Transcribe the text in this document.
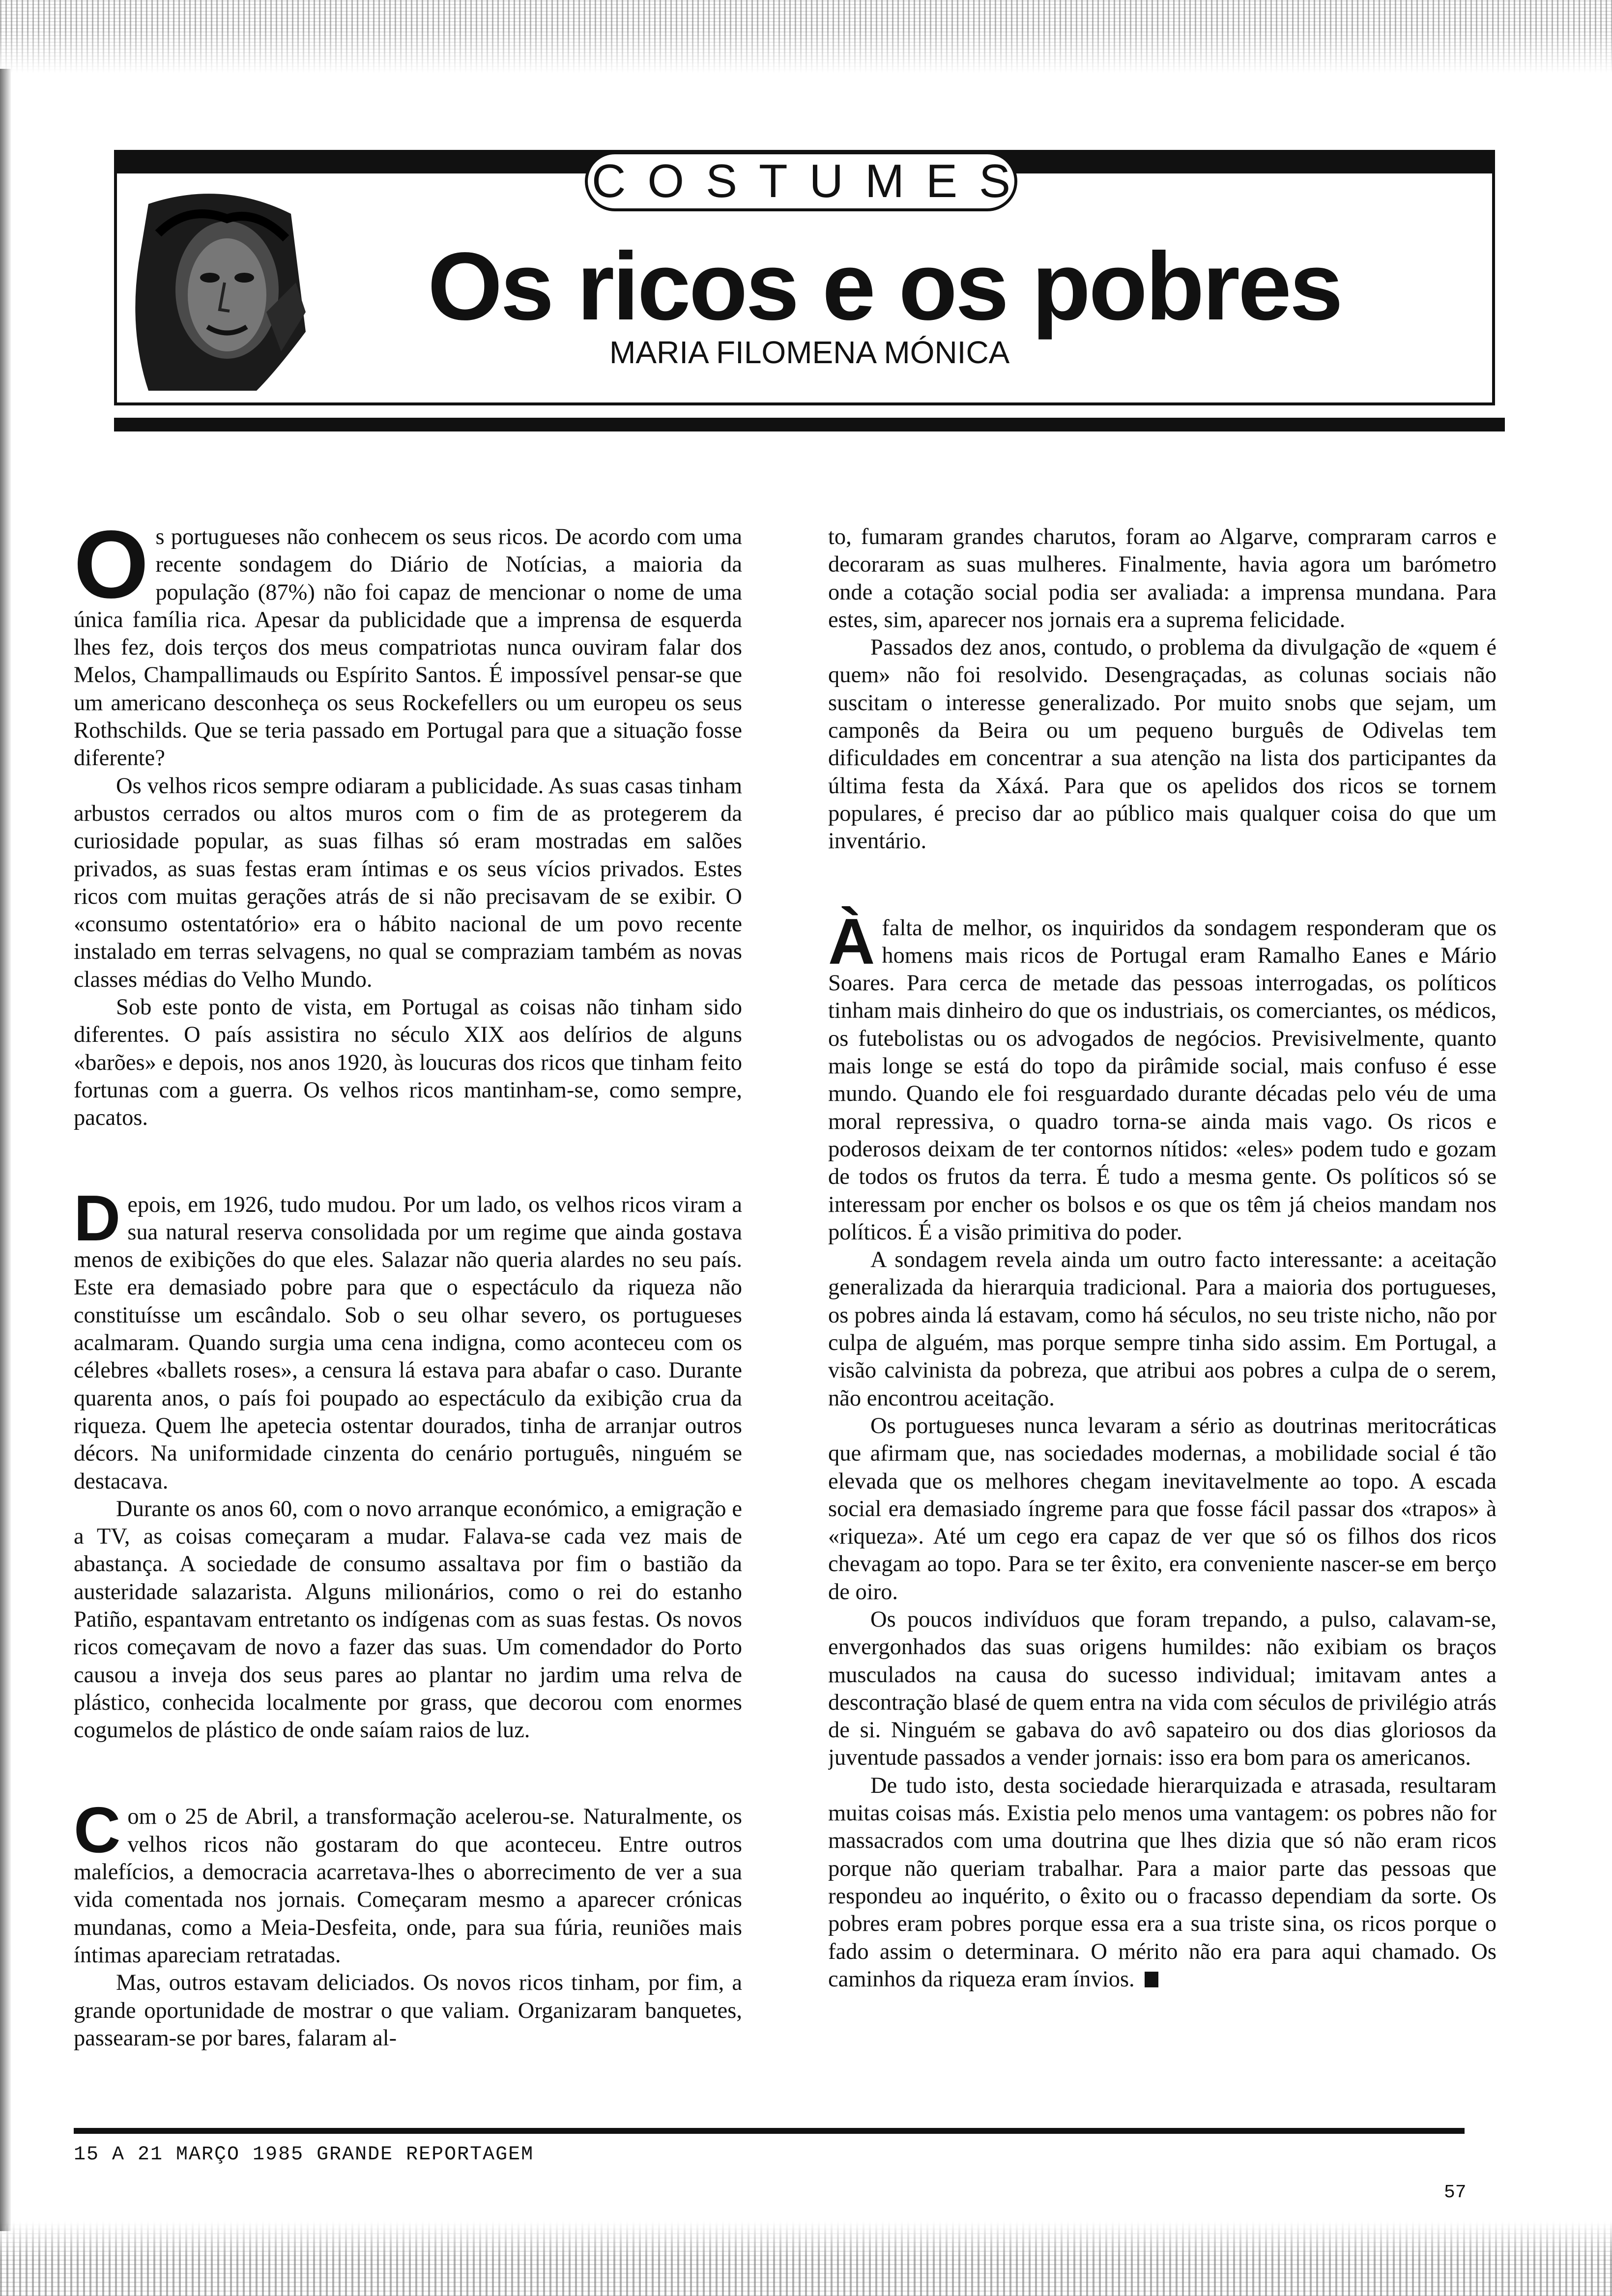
COSTUMES
Os ricos e os pobres
MARIA FILOMENA MÓNICA

O s portugueses não conhecem os seus ricos. De acordo com uma recente sondagem do Diário de Notícias, a maioria da população (87%) não foi capaz de mencionar o nome de uma única família rica. Apesar da publicidade que a imprensa de esquerda lhes fez, dois terços dos meus compatriotas nunca ouviram falar dos Melos, Champallimauds ou Espírito Santos. É impossível pensar-se que um americano desconheça os seus Rockefellers ou um europeu os seus Rothschilds. Que se teria passado em Portugal para que a situação fosse diferente?

Os velhos ricos sempre odiaram a publicidade. As suas casas tinham arbustos cerrados ou altos muros com o fim de as protegerem da curiosidade popular, as suas filhas só eram mostradas em salões privados, as suas festas eram íntimas e os seus vícios privados. Estes ricos com muitas gerações atrás de si não precisavam de se exibir. O «consumo ostentatório» era o hábito nacional de um povo recente instalado em terras selvagens, no qual se compraziam também as novas classes médias do Velho Mundo.

Sob este ponto de vista, em Portugal as coisas não tinham sido diferentes. O país assistira no século XIX aos delírios de alguns «barões» e depois, nos anos 1920, às loucuras dos ricos que tinham feito fortunas com a guerra. Os velhos ricos mantinham-se, como sempre, pacatos.

D epois, em 1926, tudo mudou. Por um lado, os velhos ricos viram a sua natural reserva consolidada por um regime que ainda gostava menos de exibições do que eles. Salazar não queria alardes no seu país. Este era demasiado pobre para que o espectáculo da riqueza não constituísse um escândalo. Sob o seu olhar severo, os portugueses acalmaram. Quando surgia uma cena indigna, como aconteceu com os célebres «ballets roses», a censura lá estava para abafar o caso. Durante quarenta anos, o país foi poupado ao espectáculo da exibição crua da riqueza. Quem lhe apetecia ostentar dourados, tinha de arranjar outros décors. Na uniformidade cinzenta do cenário português, ninguém se destacava.

Durante os anos 60, com o novo arranque económico, a emigração e a TV, as coisas começaram a mudar. Falava-se cada vez mais de abastança. A sociedade de consumo assaltava por fim o bastião da austeridade salazarista. Alguns milionários, como o rei do estanho Patiño, espantavam entretanto os indígenas com as suas festas. Os novos ricos começavam de novo a fazer das suas. Um comendador do Porto causou a inveja dos seus pares ao plantar no jardim uma relva de plástico, conhecida localmente por grass, que decorou com enormes cogumelos de plástico de onde saíam raios de luz.

C om o 25 de Abril, a transformação acelerou-se. Naturalmente, os velhos ricos não gostaram do que aconteceu. Entre outros malefícios, a democracia acarretava-lhes o aborrecimento de ver a sua vida comentada nos jornais. Começaram mesmo a aparecer crónicas mundanas, como a Meia-Desfeita, onde, para sua fúria, reuniões mais íntimas apareciam retratadas.

Mas, outros estavam deliciados. Os novos ricos tinham, por fim, a grande oportunidade de mostrar o que valiam. Organizaram banquetes, passearam-se por bares, falaram al-

to, fumaram grandes charutos, foram ao Algarve, compraram carros e decoraram as suas mulheres. Finalmente, havia agora um barómetro onde a cotação social podia ser avaliada: a imprensa mundana. Para estes, sim, aparecer nos jornais era a suprema felicidade.

Passados dez anos, contudo, o problema da divulgação de «quem é quem» não foi resolvido. Desengraçadas, as colunas sociais não suscitam o interesse generalizado. Por muito snobs que sejam, um camponês da Beira ou um pequeno burguês de Odivelas tem dificuldades em concentrar a sua atenção na lista dos participantes da última festa da Xáxá. Para que os apelidos dos ricos se tornem populares, é preciso dar ao público mais qualquer coisa do que um inventário.

À falta de melhor, os inquiridos da sondagem responderam que os homens mais ricos de Portugal eram Ramalho Eanes e Mário Soares. Para cerca de metade das pessoas interrogadas, os políticos tinham mais dinheiro do que os industriais, os comerciantes, os médicos, os futebolistas ou os advogados de negócios. Previsivelmente, quanto mais longe se está do topo da pirâmide social, mais confuso é esse mundo. Quando ele foi resguardado durante décadas pelo véu de uma moral repressiva, o quadro torna-se ainda mais vago. Os ricos e poderosos deixam de ter contornos nítidos: «eles» podem tudo e gozam de todos os frutos da terra. É tudo a mesma gente. Os políticos só se interessam por encher os bolsos e os que os têm já cheios mandam nos políticos. É a visão primitiva do poder.

A sondagem revela ainda um outro facto interessante: a aceitação generalizada da hierarquia tradicional. Para a maioria dos portugueses, os pobres ainda lá estavam, como há séculos, no seu triste nicho, não por culpa de alguém, mas porque sempre tinha sido assim. Em Portugal, a visão calvinista da pobreza, que atribui aos pobres a culpa de o serem, não encontrou aceitação.

Os portugueses nunca levaram a sério as doutrinas meritocráticas que afirmam que, nas sociedades modernas, a mobilidade social é tão elevada que os melhores chegam inevitavelmente ao topo. A escada social era demasiado íngreme para que fosse fácil passar dos «trapos» à «riqueza». Até um cego era capaz de ver que só os filhos dos ricos chevagam ao topo. Para se ter êxito, era conveniente nascer-se em berço de oiro.

Os poucos indivíduos que foram trepando, a pulso, calavam-se, envergonhados das suas origens humildes: não exibiam os braços musculados na causa do sucesso individual; imitavam antes a descontração blasé de quem entra na vida com séculos de privilégio atrás de si. Ninguém se gabava do avô sapateiro ou dos dias gloriosos da juventude passados a vender jornais: isso era bom para os americanos.

De tudo isto, desta sociedade hierarquizada e atrasada, resultaram muitas coisas más. Existia pelo menos uma vantagem: os pobres não for massacrados com uma doutrina que lhes dizia que só não eram ricos porque não queriam trabalhar. Para a maior parte das pessoas que respondeu ao inquérito, o êxito ou o fracasso dependiam da sorte. Os pobres eram pobres porque essa era a sua triste sina, os ricos porque o fado assim o determinara. O mérito não era para aqui chamado. Os caminhos da riqueza eram ínvios.

15 A 21 MARÇO 1985 GRANDE REPORTAGEM
57
